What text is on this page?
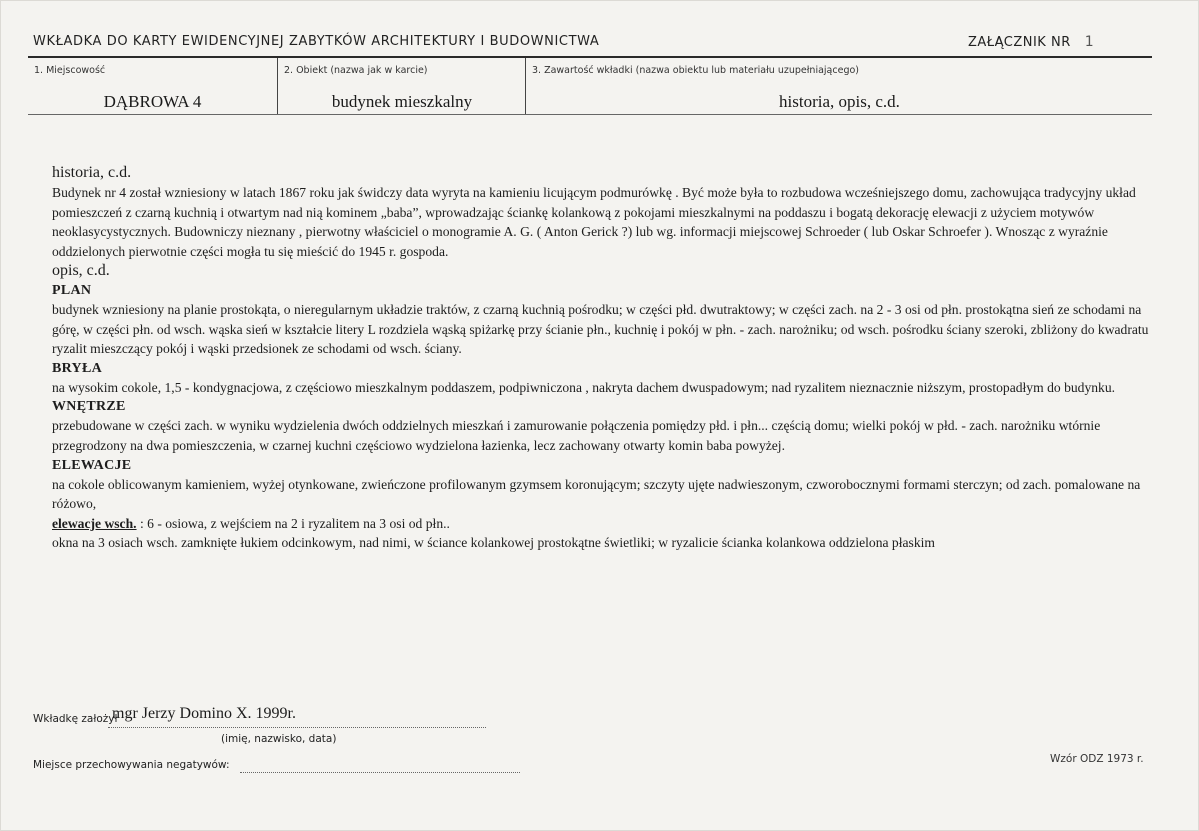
WKŁADKA DO KARTY EWIDENCYJNEJ ZABYTKÓW ARCHITEKTURY I BUDOWNICTWA	ZAŁĄCZNIK NR 1
1. Miejscowość
DĄBROWA 4
2. Obiekt (nazwa jak w karcie)
budynek mieszkalny
3. Zawartość wkładki (nazwa obiektu lub materiału uzupełniającego)
historia, opis, c.d.

historia, c.d.

Budynek nr 4 został wzniesiony w latach 1867 roku jak świdczy data wyryta na kamieniu licującym podmurówkę . Być może była to rozbudowa wcześniejszego domu, zachowująca tradycyjny układ pomieszczeń z czarną kuchnią i otwartym nad nią kominem „baba”, wprowadzając ściankę kolankową z pokojami mieszkalnymi na poddaszu i bogatą dekorację elewacji z użyciem motywów neoklasycystycznych. Budowniczy nieznany , pierwotny właściciel o monogramie A. G. ( Anton Gerick ?) lub wg. informacji miejscowej Schroeder ( lub Oskar Schroefer ). Wnosząc z wyraźnie oddzielonych pierwotnie części mogła tu się mieścić do 1945 r. gospoda.

opis, c.d.

PLAN

budynek wzniesiony na planie prostokąta, o nieregularnym układzie traktów, z czarną kuchnią pośrodku; w części płd. dwutraktowy; w części zach. na 2 - 3 osi od płn. prostokątna sień ze schodami na górę, w części płn. od wsch. wąska sień w kształcie litery L rozdziela wąską spiżarkę przy ścianie płn., kuchnię i pokój w płn. - zach. narożniku; od wsch. pośrodku ściany szeroki, zbliżony do kwadratu ryzalit mieszczący pokój i wąski przedsionek ze schodami od wsch. ściany.

BRYŁA

na wysokim cokole, 1,5 - kondygnacjowa, z częściowo mieszkalnym poddaszem, podpiwniczona , nakryta dachem dwuspadowym; nad ryzalitem nieznacznie niższym, prostopadłym do budynku.

WNĘTRZE

przebudowane w części zach. w wyniku wydzielenia dwóch oddzielnych mieszkań i zamurowanie połączenia pomiędzy płd. i płn... częścią domu; wielki pokój w płd. - zach. narożniku wtórnie przegrodzony na dwa pomieszczenia, w czarnej kuchni częściowo wydzielona łazienka, lecz zachowany otwarty komin baba powyżej.

ELEWACJE

na cokole oblicowanym kamieniem, wyżej otynkowane, zwieńczone profilowanym gzymsem koronującym; szczyty ujęte nadwieszonym, czworobocznymi formami sterczyn; od zach. pomalowane na różowo,

elewacje wsch. : 6 - osiowa, z wejściem na 2 i ryzalitem na 3 osi od płn..

okna na 3 osiach wsch. zamknięte łukiem odcinkowym, nad nimi, w ściance kolankowej prostokątne świetliki; w ryzalicie ścianka kolankowa oddzielona płaskim

Wkładkę założył
mgr Jerzy Domino X. 1999r.
(imię, nazwisko, data)
Miejsce przechowywania negatywów:	Wzór ODZ 1973 r.
